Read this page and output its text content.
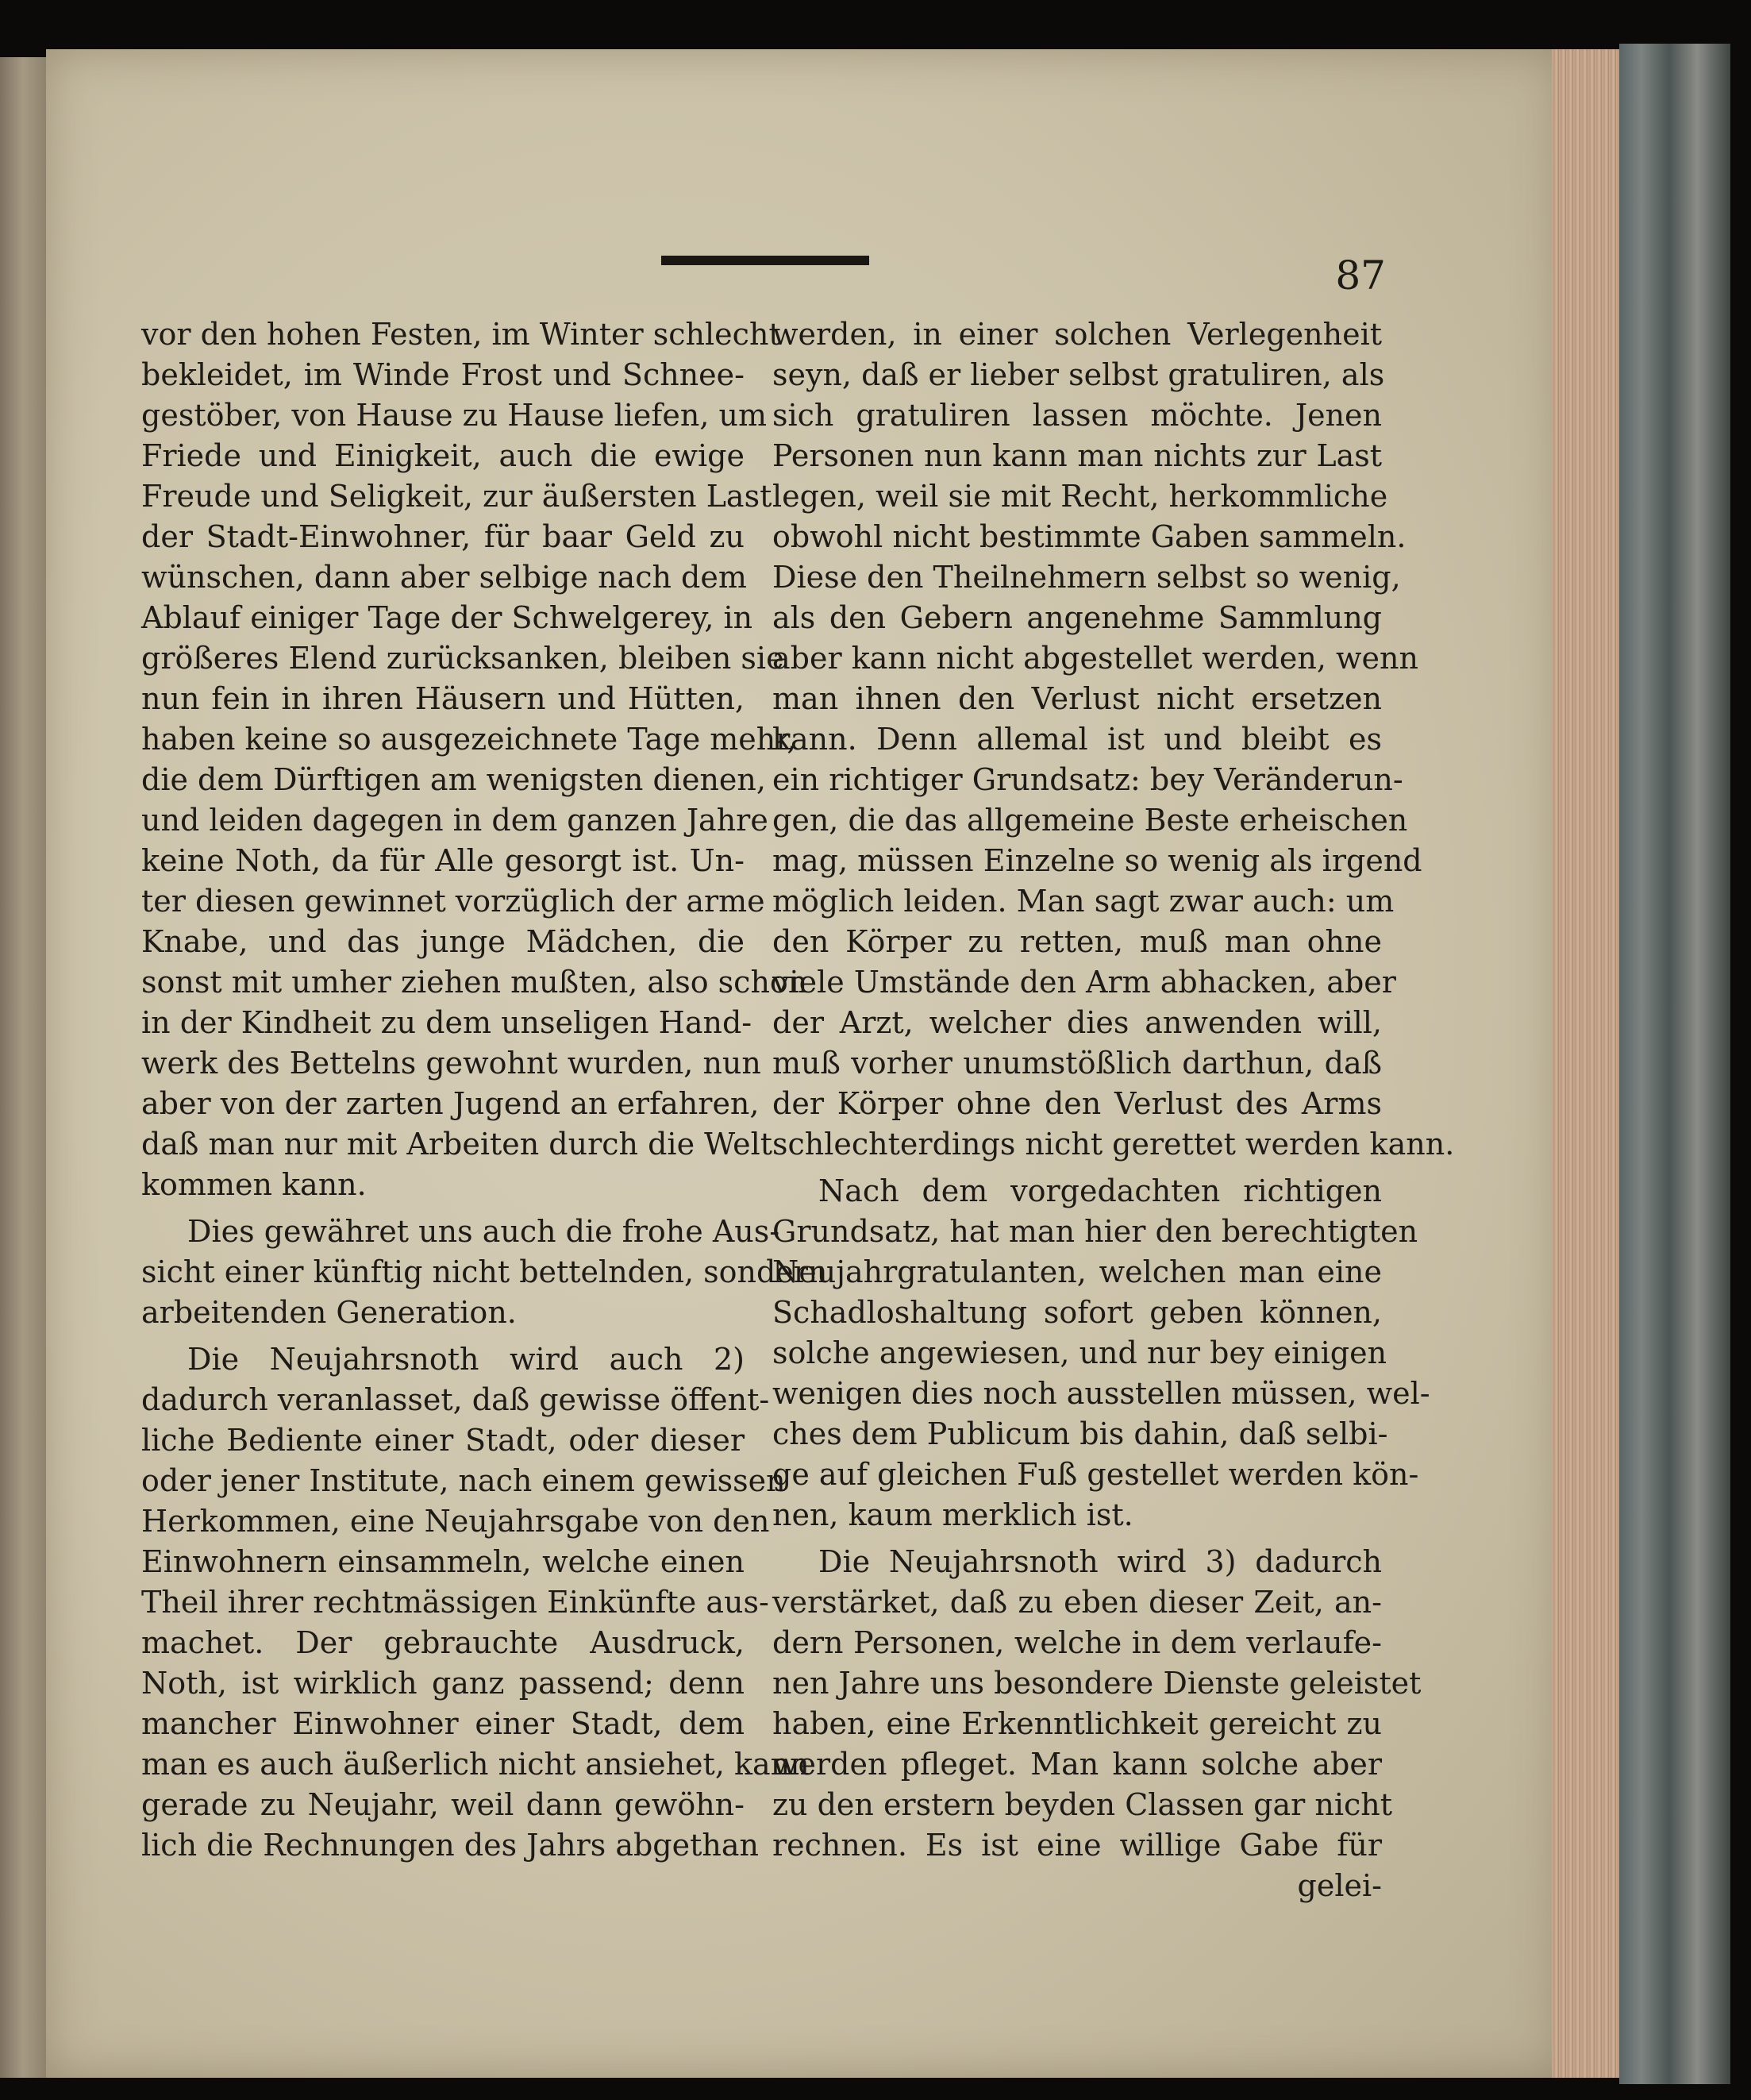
87
vor den hohen Festen, im Winter schlecht
bekleidet, im Winde Frost und Schnee-
gestöber, von Hause zu Hause liefen, um
Friede und Einigkeit, auch die ewige
Freude und Seligkeit, zur äußersten Last
der Stadt-Einwohner, für baar Geld zu
wünschen, dann aber selbige nach dem
Ablauf einiger Tage der Schwelgerey, in
größeres Elend zurücksanken, bleiben sie
nun fein in ihren Häusern und Hütten,
haben keine so ausgezeichnete Tage mehr,
die dem Dürftigen am wenigsten dienen,
und leiden dagegen in dem ganzen Jahre
keine Noth, da für Alle gesorgt ist. Un-
ter diesen gewinnet vorzüglich der arme
Knabe, und das junge Mädchen, die
sonst mit umher ziehen mußten, also schon
in der Kindheit zu dem unseligen Hand-
werk des Bettelns gewohnt wurden, nun
aber von der zarten Jugend an erfahren,
daß man nur mit Arbeiten durch die Welt
kommen kann.
Dies gewähret uns auch die frohe Aus-
sicht einer künftig nicht bettelnden, sondern
arbeitenden Generation.
Die Neujahrsnoth wird auch 2)
dadurch veranlasset, daß gewisse öffent-
liche Bediente einer Stadt, oder dieser
oder jener Institute, nach einem gewissen
Herkommen, eine Neujahrsgabe von den
Einwohnern einsammeln, welche einen
Theil ihrer rechtmässigen Einkünfte aus-
machet. Der gebrauchte Ausdruck,
Noth, ist wirklich ganz passend; denn
mancher Einwohner einer Stadt, dem
man es auch äußerlich nicht ansiehet, kann
gerade zu Neujahr, weil dann gewöhn-
lich die Rechnungen des Jahrs abgethan
werden, in einer solchen Verlegenheit
seyn, daß er lieber selbst gratuliren, als
sich gratuliren lassen möchte. Jenen
Personen nun kann man nichts zur Last
legen, weil sie mit Recht, herkommliche
obwohl nicht bestimmte Gaben sammeln.
Diese den Theilnehmern selbst so wenig,
als den Gebern angenehme Sammlung
aber kann nicht abgestellet werden, wenn
man ihnen den Verlust nicht ersetzen
kann. Denn allemal ist und bleibt es
ein richtiger Grundsatz: bey Veränderun-
gen, die das allgemeine Beste erheischen
mag, müssen Einzelne so wenig als irgend
möglich leiden. Man sagt zwar auch: um
den Körper zu retten, muß man ohne
viele Umstände den Arm abhacken, aber
der Arzt, welcher dies anwenden will,
muß vorher unumstößlich darthun, daß
der Körper ohne den Verlust des Arms
schlechterdings nicht gerettet werden kann.
Nach dem vorgedachten richtigen
Grundsatz, hat man hier den berechtigten
Neujahrgratulanten, welchen man eine
Schadloshaltung sofort geben können,
solche angewiesen, und nur bey einigen
wenigen dies noch ausstellen müssen, wel-
ches dem Publicum bis dahin, daß selbi-
ge auf gleichen Fuß gestellet werden kön-
nen, kaum merklich ist.
Die Neujahrsnoth wird 3) dadurch
verstärket, daß zu eben dieser Zeit, an-
dern Personen, welche in dem verlaufe-
nen Jahre uns besondere Dienste geleistet
haben, eine Erkenntlichkeit gereicht zu
werden pfleget. Man kann solche aber
zu den erstern beyden Classen gar nicht
rechnen. Es ist eine willige Gabe für
gelei-
